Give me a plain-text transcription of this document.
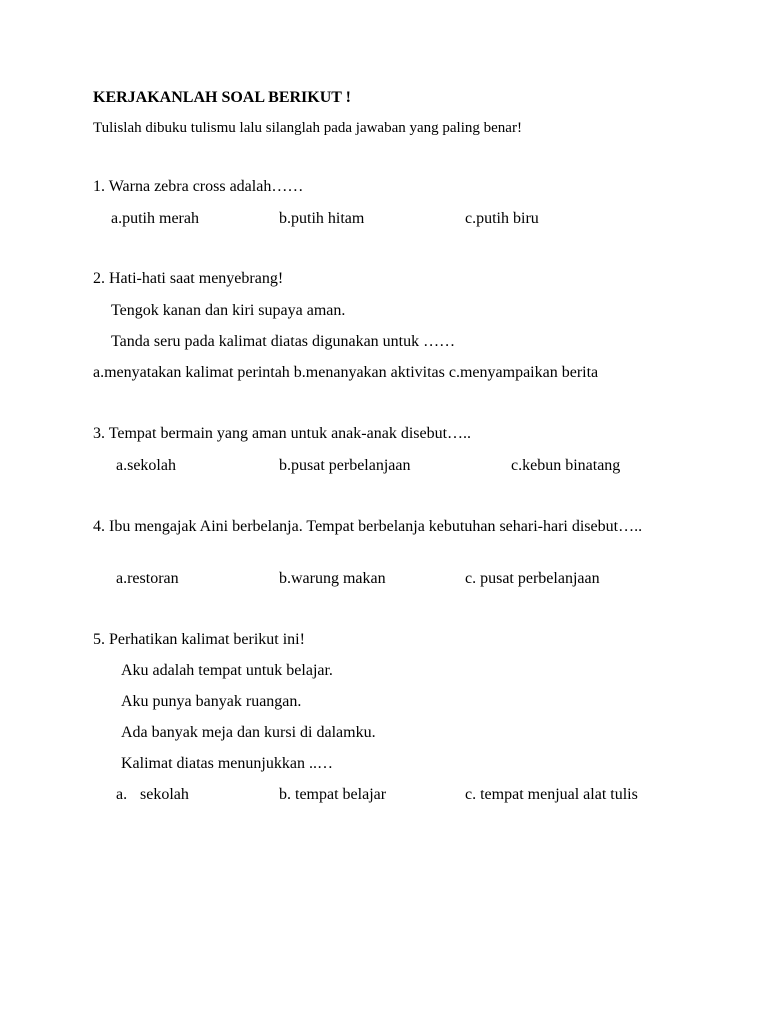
KERJAKANLAH SOAL BERIKUT !
Tulislah dibuku tulismu lalu silanglah pada jawaban yang paling benar!
1. Warna zebra cross adalah……
a.putih merah	b.putih hitam	c.putih biru
2. Hati-hati saat menyebrang!
Tengok kanan dan kiri supaya aman.
Tanda seru pada kalimat diatas digunakan untuk ……
a.menyatakan kalimat perintah b.menanyakan aktivitas c.menyampaikan berita
3. Tempat bermain yang aman untuk anak-anak disebut…..
a.sekolah	b.pusat perbelanjaan	c.kebun binatang
4. Ibu mengajak Aini berbelanja. Tempat berbelanja kebutuhan sehari-hari disebut…..
a.restoran	b.warung makan	c. pusat perbelanjaan
5. Perhatikan kalimat berikut ini!
Aku adalah tempat untuk belajar.
Aku punya banyak ruangan.
Ada banyak meja dan kursi di dalamku.
Kalimat diatas menunjukkan ..…
a. sekolah	b. tempat belajar	c. tempat menjual alat tulis
